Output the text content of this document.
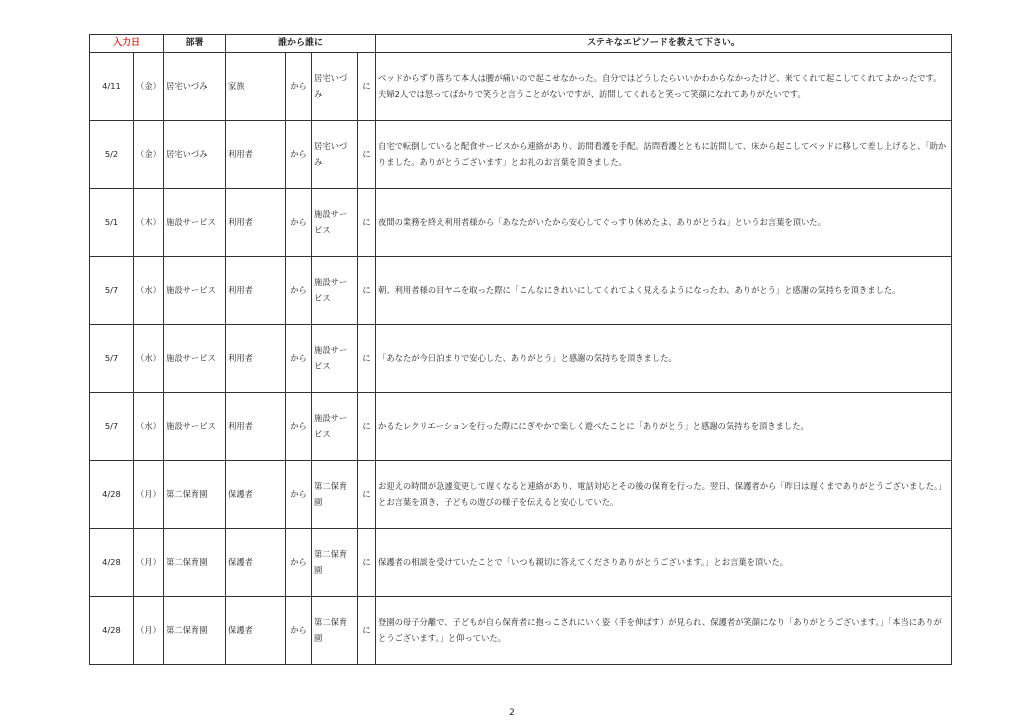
入力日		部署	誰から誰に				ステキなエピソードを教えて下さい。
4/11	（金）	居宅いづみ	家族	から	居宅いづみ	に	ベッドからずり落ちて本人は腰が痛いので起こせなかった。自分ではどうしたらいいかわからなかったけど、来てくれて起こしてくれてよかったです。夫婦2人では怒ってばかりで笑うと言うことがないですが、訪問してくれると笑って笑顔になれてありがたいです。
5/2	（金）	居宅いづみ	利用者	から	居宅いづみ	に	自宅で転倒していると配食サービスから連絡があり、訪問看護を手配。訪問看護とともに訪問して、床から起こしてベッドに移して差し上げると、「助かりました。ありがとうございます」とお礼のお言葉を頂きました。
5/1	（木）	施設サービス	利用者	から	施設サービス	に	夜間の業務を終え利用者様から「あなたがいたから安心してぐっすり休めたよ、ありがとうね」というお言葉を頂いた。
5/7	（水）	施設サービス	利用者	から	施設サービス	に	朝、利用者様の目ヤニを取った際に「こんなにきれいにしてくれてよく見えるようになったわ、ありがとう」と感謝の気持ちを頂きました。
5/7	（水）	施設サービス	利用者	から	施設サービス	に	「あなたが今日泊まりで安心した、ありがとう」と感謝の気持ちを頂きました。
5/7	（水）	施設サービス	利用者	から	施設サービス	に	かるたレクリエーションを行った際ににぎやかで楽しく遊べたことに「ありがとう」と感謝の気持ちを頂きました。
4/28	（月）	第二保育園	保護者	から	第二保育園	に	お迎えの時間が急遽変更して遅くなると連絡があり、電話対応とその後の保育を行った。翌日、保護者から「昨日は遅くまでありがとうございました。」とお言葉を頂き、子どもの遊びの様子を伝えると安心していた。
4/28	（月）	第二保育園	保護者	から	第二保育園	に	保護者の相談を受けていたことで「いつも親切に答えてくださりありがとうございます。」とお言葉を頂いた。
4/28	（月）	第二保育園	保護者	から	第二保育園	に	登園の母子分離で、子どもが自ら保育者に抱っこされにいく姿（手を伸ばす）が見られ、保護者が笑顔になり「ありがとうございます。」「本当にありがとうございます。」と仰っていた。
2
